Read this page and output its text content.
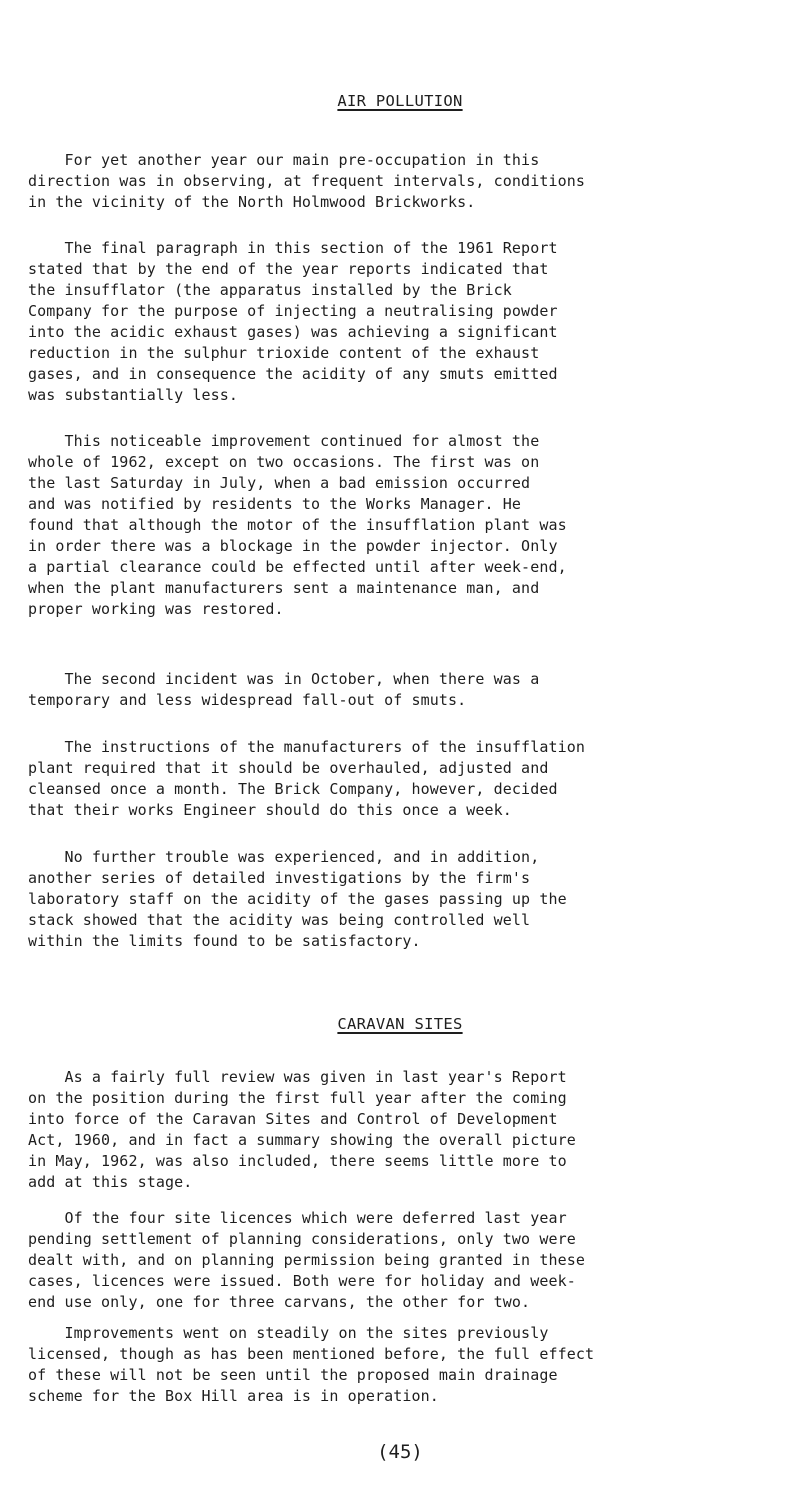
AIR POLLUTION

For yet another year our main pre-occupation in this
direction was in observing, at frequent intervals, conditions
in the vicinity of the North Holmwood Brickworks.

The final paragraph in this section of the 1961 Report
stated that by the end of the year reports indicated that
the insufflator (the apparatus installed by the Brick
Company for the purpose of injecting a neutralising powder
into the acidic exhaust gases) was achieving a significant
reduction in the sulphur trioxide content of the exhaust
gases, and in consequence the acidity of any smuts emitted
was substantially less.

This noticeable improvement continued for almost the
whole of 1962, except on two occasions. The first was on
the last Saturday in July, when a bad emission occurred
and was notified by residents to the Works Manager. He
found that although the motor of the insufflation plant was
in order there was a blockage in the powder injector. Only
a partial clearance could be effected until after week-end,
when the plant manufacturers sent a maintenance man, and
proper working was restored.

The second incident was in October, when there was a
temporary and less widespread fall-out of smuts.

The instructions of the manufacturers of the insufflation
plant required that it should be overhauled, adjusted and
cleansed once a month. The Brick Company, however, decided
that their works Engineer should do this once a week.

No further trouble was experienced, and in addition,
another series of detailed investigations by the firm's
laboratory staff on the acidity of the gases passing up the
stack showed that the acidity was being controlled well
within the limits found to be satisfactory.

CARAVAN SITES

As a fairly full review was given in last year's Report
on the position during the first full year after the coming
into force of the Caravan Sites and Control of Development
Act, 1960, and in fact a summary showing the overall picture
in May, 1962, was also included, there seems little more to
add at this stage.

Of the four site licences which were deferred last year
pending settlement of planning considerations, only two were
dealt with, and on planning permission being granted in these
cases, licences were issued. Both were for holiday and week-
end use only, one for three carvans, the other for two.

Improvements went on steadily on the sites previously
licensed, though as has been mentioned before, the full effect
of these will not be seen until the proposed main drainage
scheme for the Box Hill area is in operation.

(45)
